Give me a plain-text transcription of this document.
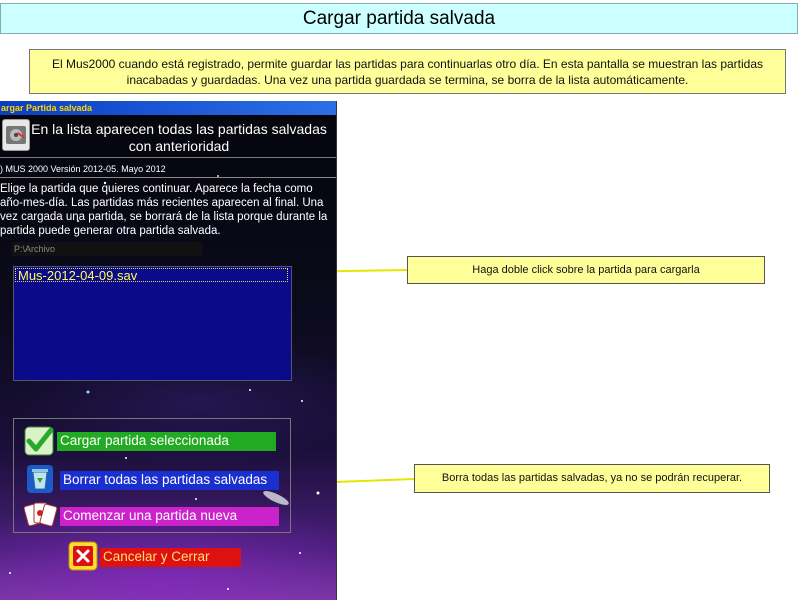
Cargar partida salvada
El Mus2000 cuando está registrado, permite guardar las partidas para continuarlas otro día. En esta pantalla se muestran las partidas inacabadas y guardadas. Una vez una partida guardada se termina, se borra de la lista automáticamente.
Haga doble click sobre la partida para cargarla
Borra todas las partidas salvadas, ya no se podrán recuperar.
argar Partida salvada
En la lista aparecen todas las partidas salvadas con anterioridad
) MUS 2000 Versión 2012-05. Mayo 2012
Elige la partida que quieres continuar. Aparece la fecha como año-mes-día. Las partidas más recientes aparecen al final. Una vez cargada una partida, se borrará de la lista porque durante la partida puede generar otra partida salvada.
P:\Archivo
Mus-2012-04-09.sav
Cargar partida seleccionada
Borrar todas las partidas salvadas
Comenzar una partida nueva
Cancelar y Cerrar
